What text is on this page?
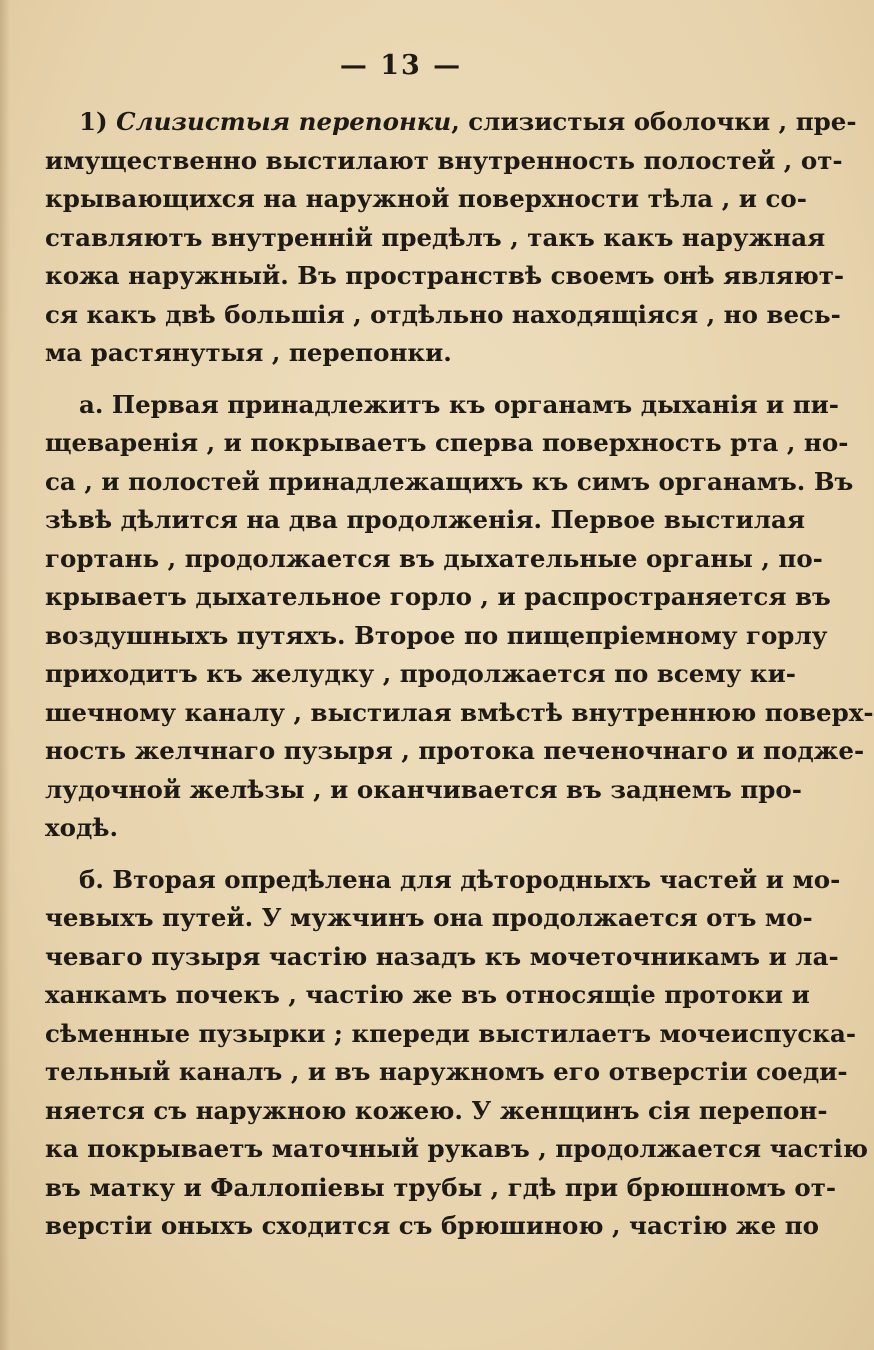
— 13 —
1) Слизистыя перепонки, слизистыя оболочки , пре-
имущественно выстилают внутренность полостей , от-
крывающихся на наружной поверхности тѣла , и со-
ставляютъ внутренній предѣлъ , такъ какъ наружная
кожа наружный. Въ пространствѣ своемъ онѣ являют-
ся какъ двѣ большія , отдѣльно находящіяся , но весь-
ма растянутыя , перепонки.
а. Первая принадлежитъ къ органамъ дыханія и пи-
щеваренія , и покрываетъ сперва поверхность рта , но-
са , и полостей принадлежащихъ къ симъ органамъ. Въ
зѣвѣ дѣлится на два продолженія. Первое выстилая
гортань , продолжается въ дыхательные органы , по-
крываетъ дыхательное горло , и распространяется въ
воздушныхъ путяхъ. Второе по пищепріемному горлу
приходитъ къ желудку , продолжается по всему ки-
шечному каналу , выстилая вмѣстѣ внутреннюю поверх-
ность желчнаго пузыря , протока печеночнаго и поджe-
лудочной желѣзы , и оканчивается въ заднемъ про-
ходѣ.
б. Вторая опредѣлена для дѣтородныхъ частей и мо-
чевыхъ путей. У мужчинъ она продолжается отъ мо-
чеваго пузыря частію назадъ къ мочеточникамъ и ла-
ханкамъ почекъ , частію же въ относящіе протоки и
сѣменные пузырки ; кпереди выстилаетъ мочеиспуска-
тельный каналъ , и въ наружномъ его отверстіи соеди-
няется съ наружною кожею. У женщинъ сія перепон-
ка покрываетъ маточный рукавъ , продолжается частію
въ матку и Фаллопіевы трубы , гдѣ при брюшномъ от-
верстіи оныхъ сходится съ брюшиною , частію же по
